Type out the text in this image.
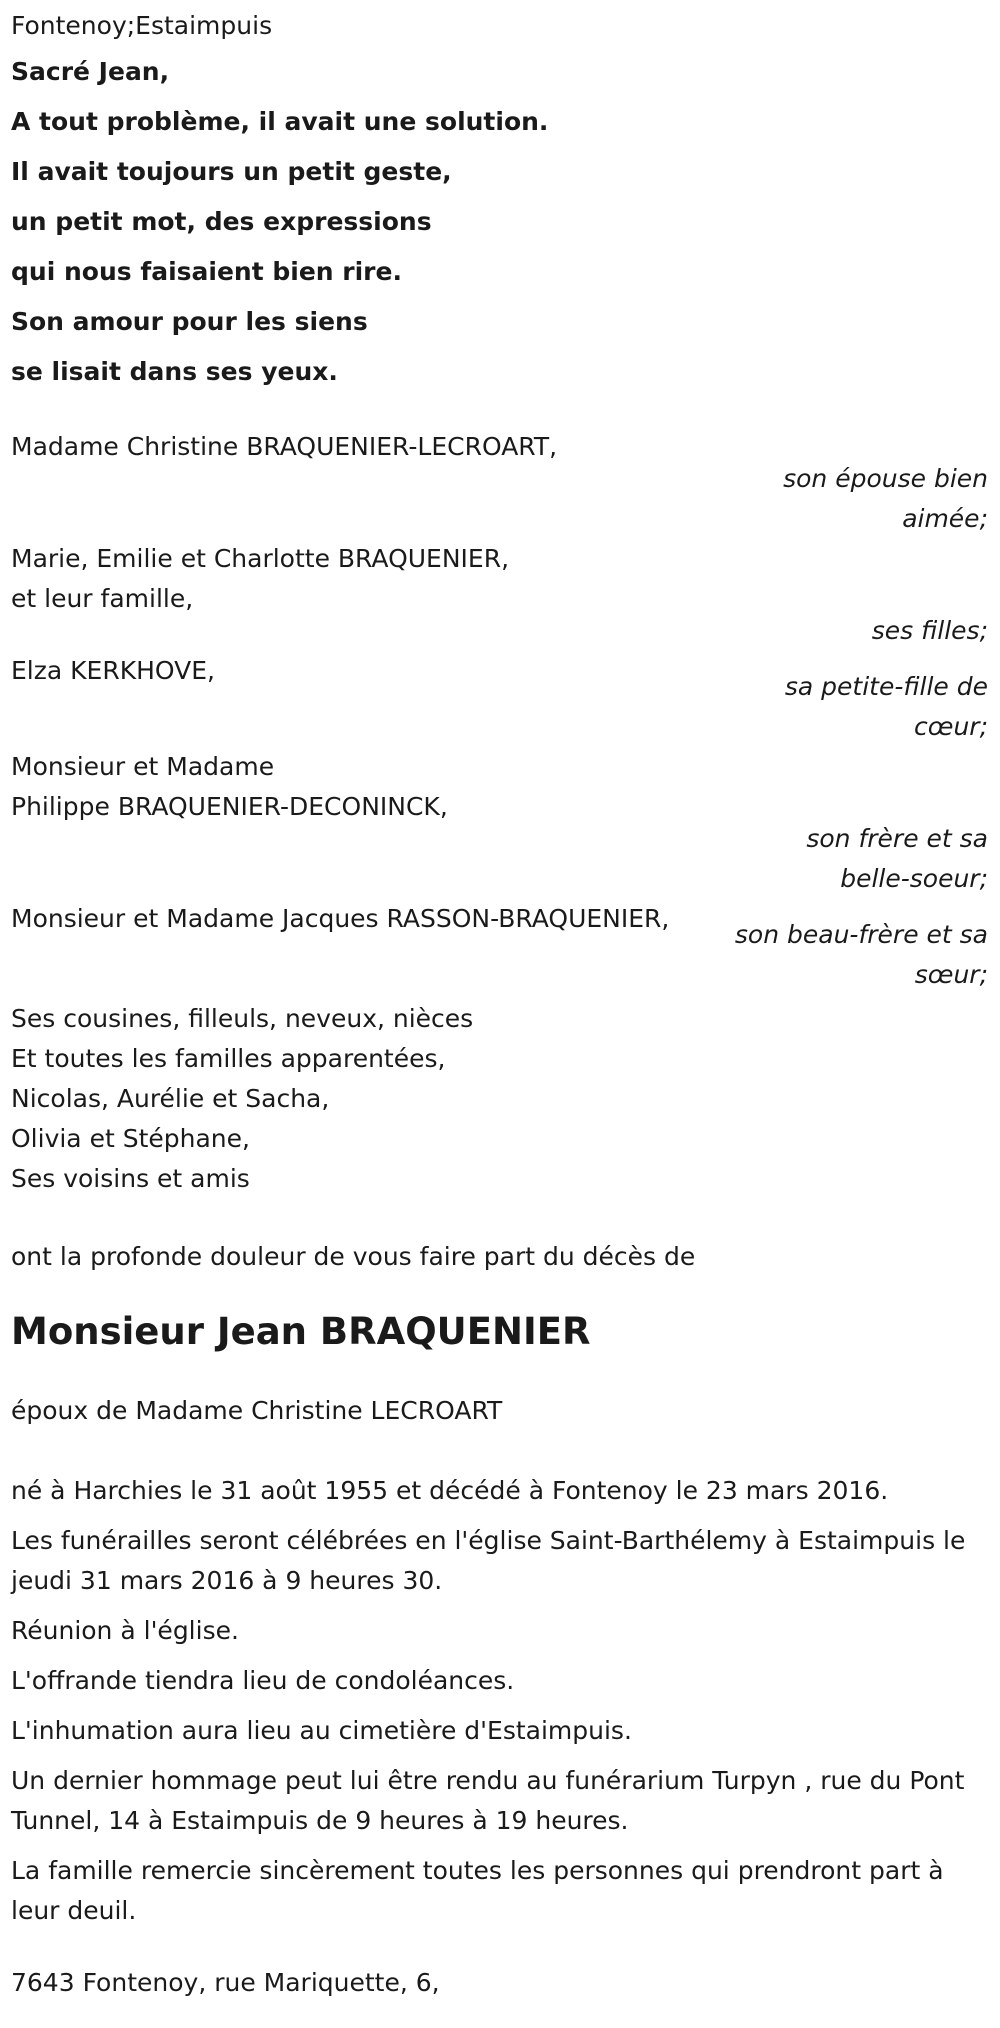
Fontenoy;Estaimpuis
Sacré Jean,
A tout problème, il avait une solution.
Il avait toujours un petit geste,
un petit mot, des expressions
qui nous faisaient bien rire.
Son amour pour les siens
se lisait dans ses yeux.
Madame Christine BRAQUENIER-LECROART,
son épouse bien
aimée;
Marie, Emilie et Charlotte BRAQUENIER,
et leur famille,
ses filles;
Elza KERKHOVE,
sa petite-fille de
cœur;
Monsieur et Madame
Philippe BRAQUENIER-DECONINCK,
son frère et sa
belle-soeur;
Monsieur et Madame Jacques RASSON-BRAQUENIER,
son beau-frère et sa
sœur;
Ses cousines, filleuls, neveux, nièces
Et toutes les familles apparentées,
Nicolas, Aurélie et Sacha,
Olivia et Stéphane,
Ses voisins et amis
ont la profonde douleur de vous faire part du décès de
Monsieur Jean BRAQUENIER
époux de Madame Christine LECROART

né à Harchies le 31 août 1955 et décédé à Fontenoy le 23 mars 2016.

Les funérailles seront célébrées en l'église Saint-Barthélemy à Estaimpuis le jeudi 31 mars 2016 à 9 heures 30.

Réunion à l'église.

L'offrande tiendra lieu de condoléances.

L'inhumation aura lieu au cimetière d'Estaimpuis.

Un dernier hommage peut lui être rendu au funérarium Turpyn , rue du Pont Tunnel, 14 à Estaimpuis de 9 heures à 19 heures.

La famille remercie sincèrement toutes les personnes qui prendront part à leur deuil.

7643 Fontenoy, rue Mariquette, 6,
